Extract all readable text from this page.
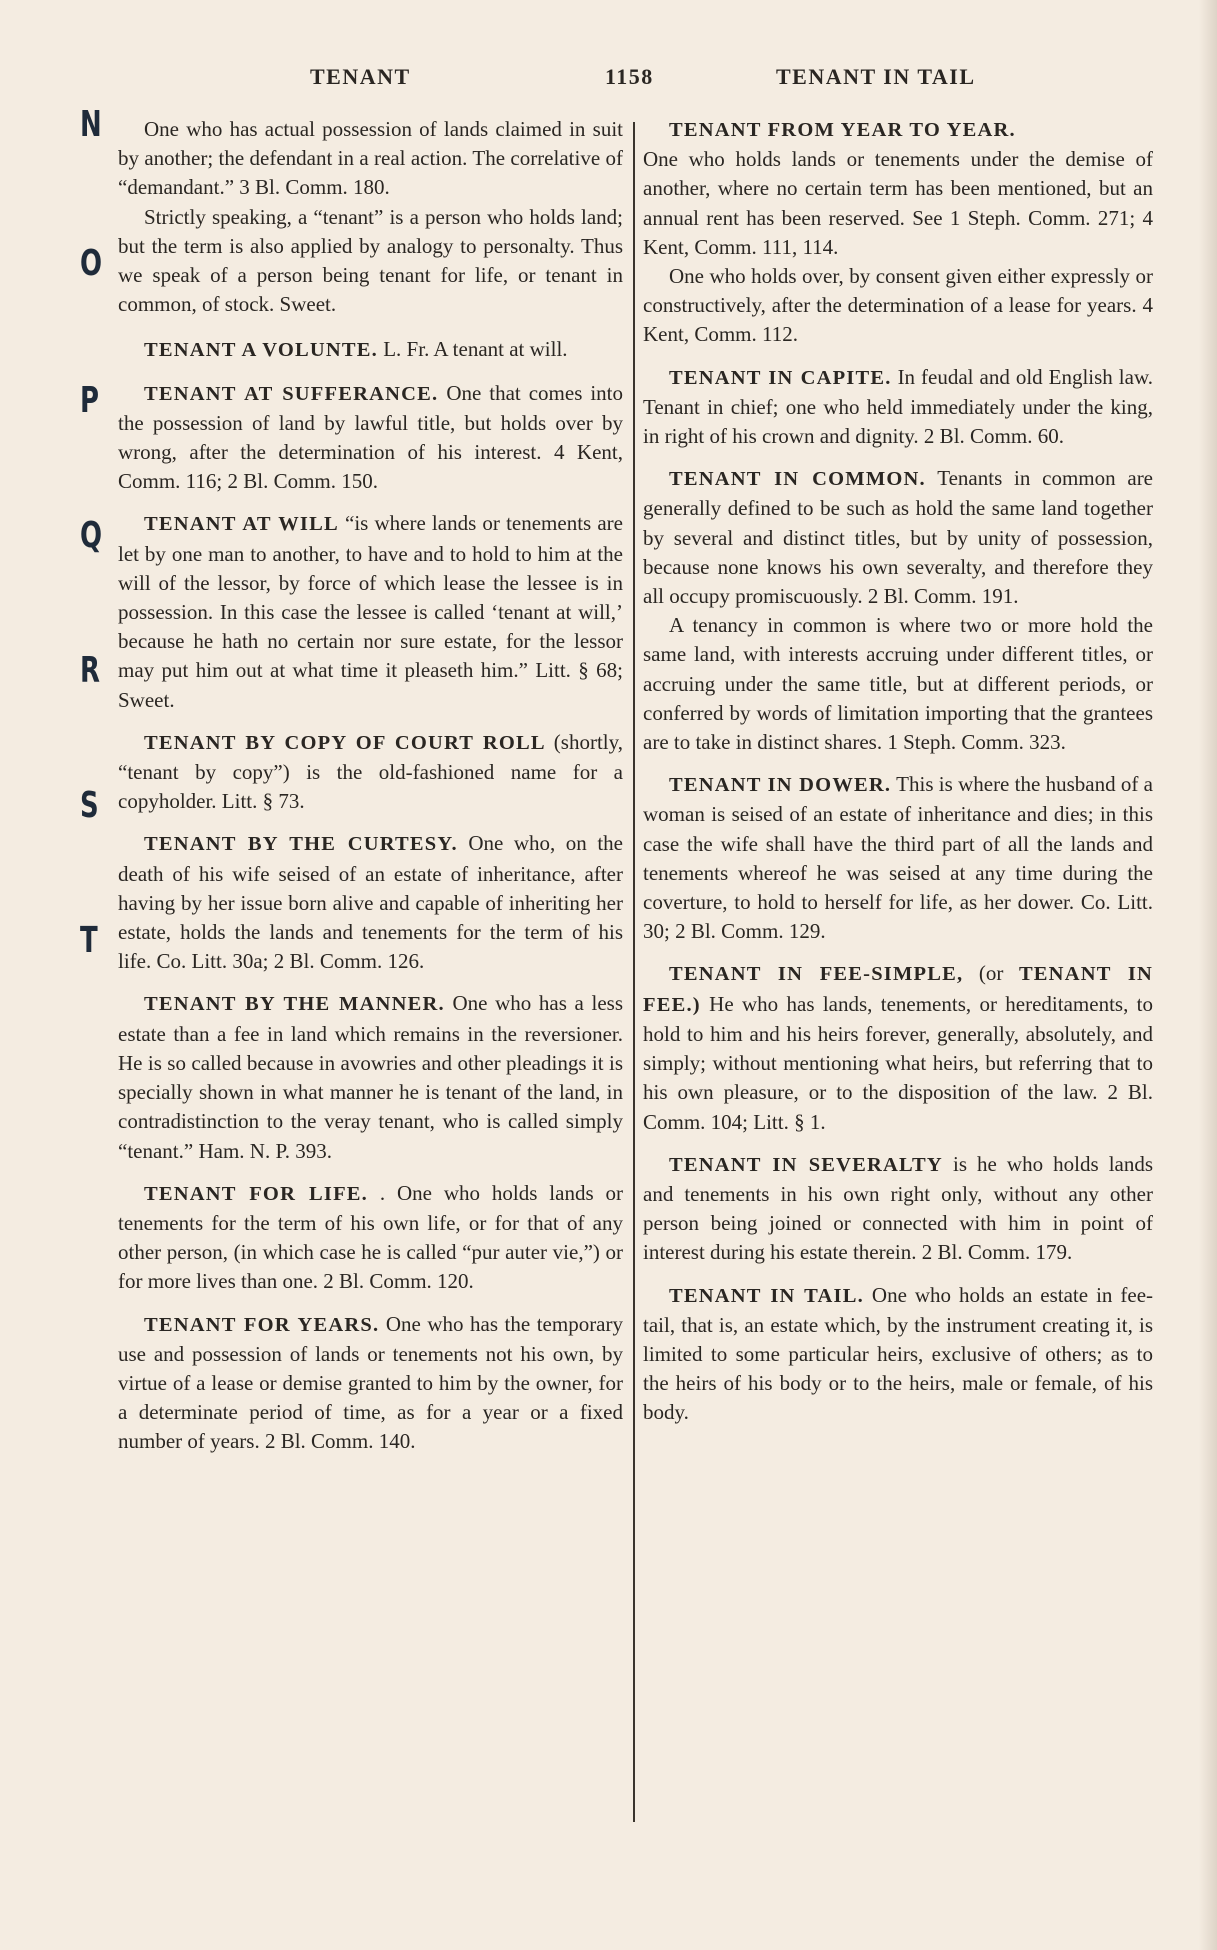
TENANT	1158	TENANT IN TAIL
N
O
P
Q
R
S
T

One who has actual possession of lands claimed in suit by another; the defendant in a real action. The correlative of “demandant.” 3 Bl. Comm. 180.

Strictly speaking, a “tenant” is a person who holds land; but the term is also applied by analogy to personalty. Thus we speak of a person being tenant for life, or tenant in common, of stock. Sweet.

TENANT A VOLUNTE. L. Fr. A tenant at will.

TENANT AT SUFFERANCE. One that comes into the possession of land by lawful title, but holds over by wrong, after the determination of his interest. 4 Kent, Comm. 116; 2 Bl. Comm. 150.

TENANT AT WILL “is where lands or tenements are let by one man to another, to have and to hold to him at the will of the lessor, by force of which lease the lessee is in possession. In this case the lessee is called ‘tenant at will,’ because he hath no certain nor sure estate, for the lessor may put him out at what time it pleaseth him.” Litt. § 68; Sweet.

TENANT BY COPY OF COURT ROLL (shortly, “tenant by copy”) is the old-fashioned name for a copyholder. Litt. § 73.

TENANT BY THE CURTESY. One who, on the death of his wife seised of an estate of inheritance, after having by her issue born alive and capable of inheriting her estate, holds the lands and tenements for the term of his life. Co. Litt. 30a; 2 Bl. Comm. 126.

TENANT BY THE MANNER. One who has a less estate than a fee in land which remains in the reversioner. He is so called because in avowries and other pleadings it is specially shown in what manner he is tenant of the land, in contradistinction to the veray tenant, who is called simply “tenant.” Ham. N. P. 393.

TENANT FOR LIFE. . One who holds lands or tenements for the term of his own life, or for that of any other person, (in which case he is called “pur auter vie,”) or for more lives than one. 2 Bl. Comm. 120.

TENANT FOR YEARS. One who has the temporary use and possession of lands or tenements not his own, by virtue of a lease or demise granted to him by the owner, for a determinate period of time, as for a year or a fixed number of years. 2 Bl. Comm. 140.

TENANT FROM YEAR TO YEAR.

One who holds lands or tenements under the demise of another, where no certain term has been mentioned, but an annual rent has been reserved. See 1 Steph. Comm. 271; 4 Kent, Comm. 111, 114.

One who holds over, by consent given either expressly or constructively, after the determination of a lease for years. 4 Kent, Comm. 112.

TENANT IN CAPITE. In feudal and old English law. Tenant in chief; one who held immediately under the king, in right of his crown and dignity. 2 Bl. Comm. 60.

TENANT IN COMMON. Tenants in common are generally defined to be such as hold the same land together by several and distinct titles, but by unity of possession, because none knows his own severalty, and therefore they all occupy promiscuously. 2 Bl. Comm. 191.

A tenancy in common is where two or more hold the same land, with interests accruing under different titles, or accruing under the same title, but at different periods, or conferred by words of limitation importing that the grantees are to take in distinct shares. 1 Steph. Comm. 323.

TENANT IN DOWER. This is where the husband of a woman is seised of an estate of inheritance and dies; in this case the wife shall have the third part of all the lands and tenements whereof he was seised at any time during the coverture, to hold to herself for life, as her dower. Co. Litt. 30; 2 Bl. Comm. 129.

TENANT IN FEE-SIMPLE, (or TENANT IN FEE.) He who has lands, tenements, or hereditaments, to hold to him and his heirs forever, generally, absolutely, and simply; without mentioning what heirs, but referring that to his own pleasure, or to the disposition of the law. 2 Bl. Comm. 104; Litt. § 1.

TENANT IN SEVERALTY is he who holds lands and tenements in his own right only, without any other person being joined or connected with him in point of interest during his estate therein. 2 Bl. Comm. 179.

TENANT IN TAIL. One who holds an estate in fee-tail, that is, an estate which, by the instrument creating it, is limited to some particular heirs, exclusive of others; as to the heirs of his body or to the heirs, male or female, of his body.
